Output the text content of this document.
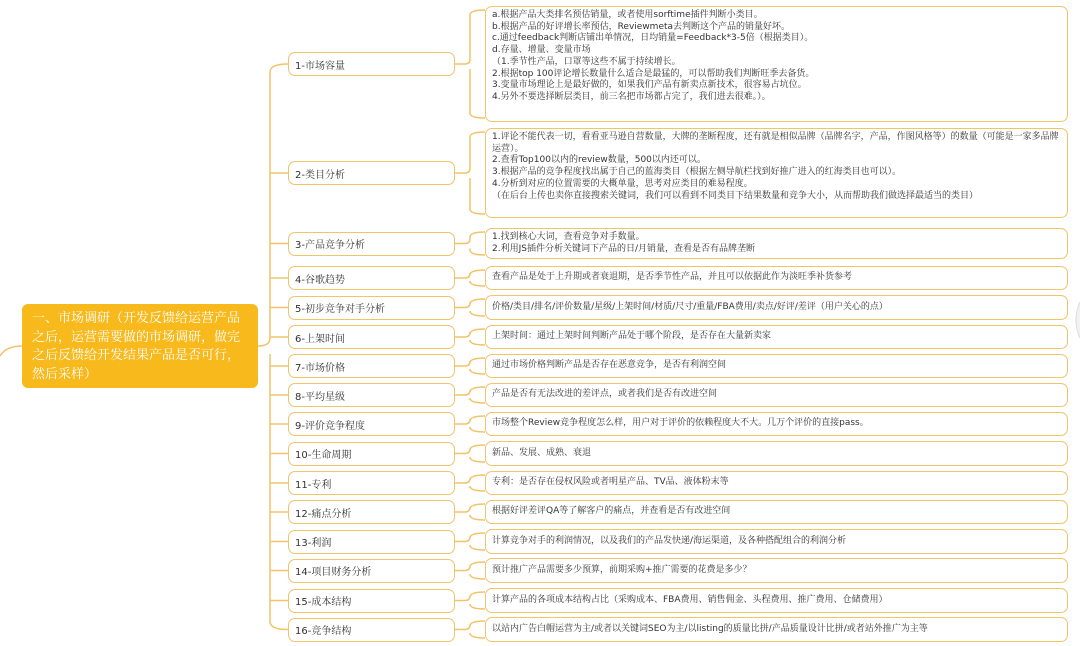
一、市场调研（开发反馈给运营产品之后，运营需要做的市场调研，做完之后反馈给开发结果产品是否可行，然后采样）
1-市场容量
a.根据产品大类排名预估销量，或者使用sorftime插件判断小类目。
b.根据产品的好评增长率预估，Reviewmeta去判断这个产品的销量好坏。
c.通过feedback判断店铺出单情况，日均销量=Feedback*3-5倍（根据类目）。
d.存量、增量、变量市场
（1.季节性产品，口罩等这些不属于持续增长。
2.根据top 100评论增长数量什么适合是最猛的，可以帮助我们判断旺季去备货。
3.变量市场理论上是最好做的，如果我们产品有新卖点新技术，很容易占坑位。
4.另外不要选择断层类目，前三名把市场都占完了，我们进去很难。）。
2-类目分析
1.评论不能代表一切，看看亚马逊自营数量，大牌的垄断程度，还有就是相似品牌（品牌名字，产品，作图风格等）的数量（可能是一家多品牌运营）。
2.查看Top100以内的review数量，500以内还可以。
3.根据产品的竞争程度找出属于自己的蓝海类目（根据左侧导航栏找到好推广进入的红海类目也可以）。
4.分析到对应的位置需要的大概单量，思考对应类目的难易程度。
（在后台上传也卖你直接搜索关键词，我们可以看到不同类目下结果数量和竞争大小，从而帮助我们做选择最适当的类目）
3-产品竞争分析
1.找到核心大词，查看竞争对手数量。
2.利用JS插件分析关键词下产品的日/月销量，查看是否有品牌垄断
4-谷歌趋势	查看产品是处于上升期或者衰退期，是否季节性产品，并且可以依据此作为淡旺季补货参考
5-初步竞争对手分析	价格/类目/排名/评价数量/星级/上架时间/材质/尺寸/重量/FBA费用/卖点/好评/差评（用户关心的点）
6-上架时间	上架时间：通过上架时间判断产品处于哪个阶段，是否存在大量新卖家
7-市场价格	通过市场价格判断产品是否存在恶意竞争，是否有利润空间
8-平均星级	产品是否有无法改进的差评点，或者我们是否有改进空间
9-评价竞争程度	市场整个Review竞争程度怎么样，用户对于评价的依赖程度大不大。几万个评价的直接pass。
10-生命周期	新品、发展、成熟、衰退
11-专利	专利：是否存在侵权风险或者明星产品、TV品、液体粉末等
12-痛点分析	根据好评差评QA等了解客户的痛点，并查看是否有改进空间
13-利润	计算竞争对手的利润情况，以及我们的产品发快递/海运渠道，及各种搭配组合的利润分析
14-项目财务分析	预计推广产品需要多少预算，前期采购+推广需要的花费是多少？
15-成本结构	计算产品的各项成本结构占比（采购成本、FBA费用、销售佣金、头程费用、推广费用、仓储费用）
16-竞争结构	以站内广告白帽运营为主/或者以关键词SEO为主/以listing的质量比拼/产品质量设计比拼/或者站外推广为主等
